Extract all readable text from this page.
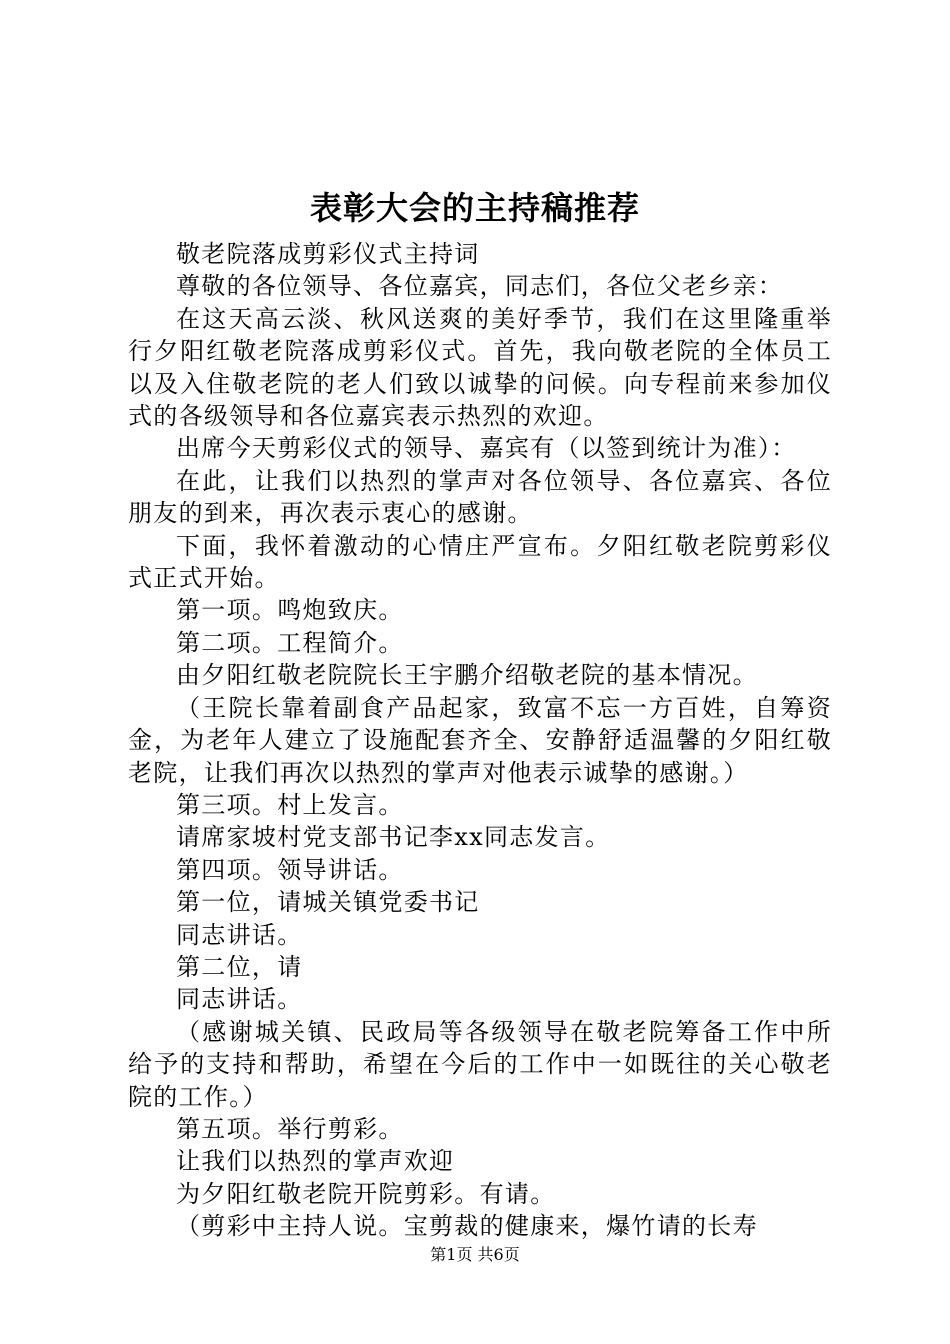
表彰大会的主持稿推荐

敬老院落成剪彩仪式主持词

尊敬的各位领导、各位嘉宾，同志们，各位父老乡亲：

在这天高云淡、秋风送爽的美好季节，我们在这里隆重举行夕阳红敬老院落成剪彩仪式。首先，我向敬老院的全体员工以及入住敬老院的老人们致以诚挚的问候。向专程前来参加仪式的各级领导和各位嘉宾表示热烈的欢迎。

出席今天剪彩仪式的领导、嘉宾有（以签到统计为准）：

在此，让我们以热烈的掌声对各位领导、各位嘉宾、各位朋友的到来，再次表示衷心的感谢。

下面，我怀着激动的心情庄严宣布。夕阳红敬老院剪彩仪式正式开始。

第一项。鸣炮致庆。

第二项。工程简介。

由夕阳红敬老院院长王宇鹏介绍敬老院的基本情况。

（王院长靠着副食产品起家，致富不忘一方百姓，自筹资金，为老年人建立了设施配套齐全、安静舒适温馨的夕阳红敬老院，让我们再次以热烈的掌声对他表示诚挚的感谢。）

第三项。村上发言。

请席家坡村党支部书记李xx同志发言。

第四项。领导讲话。

第一位，请城关镇党委书记

同志讲话。

第二位，请

同志讲话。

（感谢城关镇、民政局等各级领导在敬老院筹备工作中所给予的支持和帮助，希望在今后的工作中一如既往的关心敬老院的工作。）

第五项。举行剪彩。

让我们以热烈的掌声欢迎

为夕阳红敬老院开院剪彩。有请。

（剪彩中主持人说。宝剪裁的健康来，爆竹请的长寿

第1页 共6页
